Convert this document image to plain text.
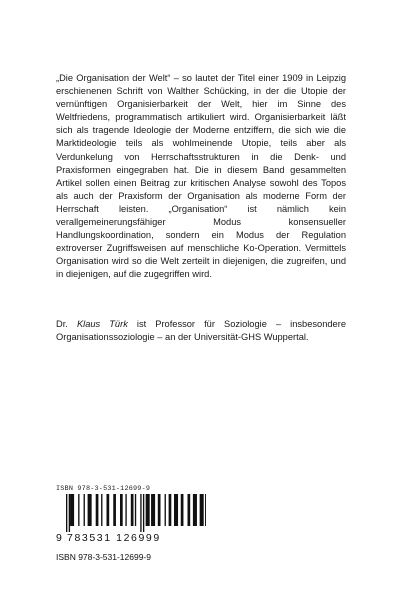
„Die Organisation der Welt“ – so lautet der Titel einer 1909 in Leipzig erschienenen Schrift von Walther Schücking, in der die Utopie der vernünftigen Organisierbarkeit der Welt, hier im Sinne des Weltfriedens, programmatisch artikuliert wird. Organisierbarkeit läßt sich als tragende Ideologie der Moderne entziffern, die sich wie die Marktideologie teils als wohlmeinende Utopie, teils aber als Verdunkelung von Herrschaftsstrukturen in die Denk- und Praxisformen eingegraben hat. Die in diesem Band gesammelten Artikel sollen einen Beitrag zur kritischen Analyse sowohl des Topos als auch der Praxisform der Organisation als moderne Form der Herrschaft leisten. „Organisation“ ist nämlich kein verallgemeinerungsfähiger Modus konsensueller Handlungskoordination, sondern ein Modus der Regulation extroverser Zugriffsweisen auf menschliche Ko-Operation. Vermittels Organisation wird so die Welt zerteilt in diejenigen, die zugreifen, und in diejenigen, auf die zugegriffen wird.

Dr. Klaus Türk ist Professor für Soziologie – insbesondere Organisationssoziologie – an der Universität-GHS Wuppertal.

ISBN 978-3-531-12699-9
9 783531 126999
ISBN 978-3-531-12699-9
